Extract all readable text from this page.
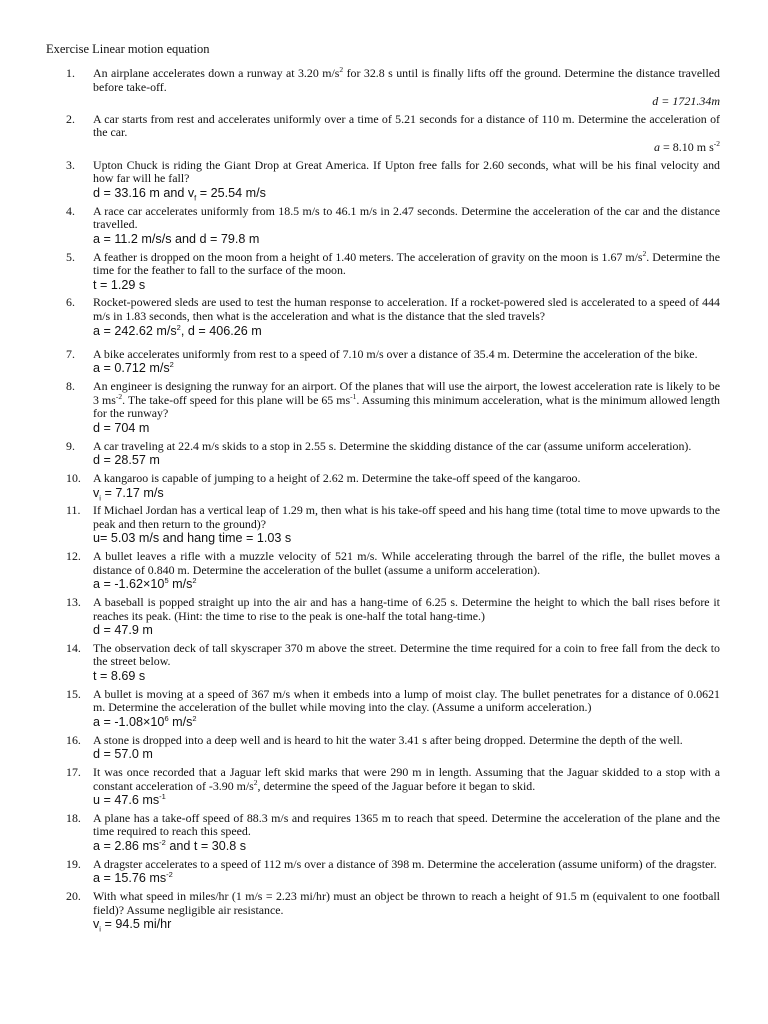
Exercise Linear motion equation
1.	An airplane accelerates down a runway at 3.20 $m/s^2$ for 32.8 s until is finally lifts off the ground. Determine the distance travelled before take-off.
d = 1721.34m
2.	A car starts from rest and accelerates uniformly over a time of 5.21 seconds for a distance of 110 m. Determine the acceleration of the car.
a = 8.10 m $s^{-2}$
3.	Upton Chuck is riding the Giant Drop at Great America. If Upton free falls for 2.60 seconds, what will be his final velocity and how far will he fall?
d = 33.16 m and $v_f = 25.54$ m/s
4.	A race car accelerates uniformly from 18.5 m/s to 46.1 m/s in 2.47 seconds. Determine the acceleration of the car and the distance travelled.
a = 11.2 m/s/s and d = 79.8 m
5.	A feather is dropped on the moon from a height of 1.40 meters. The acceleration of gravity on the moon is 1.67 $m/s^2$. Determine the time for the feather to fall to the surface of the moon.
t = 1.29 s
6.	Rocket-powered sleds are used to test the human response to acceleration. If a rocket-powered sled is accelerated to a speed of 444 m/s in 1.83 seconds, then what is the acceleration and what is the distance that the sled travels?
a = 242.62 $m/s^2$, d = 406.26 m
7.	A bike accelerates uniformly from rest to a speed of 7.10 m/s over a distance of 35.4 m. Determine the acceleration of the bike.
a = 0.712 $m/s^2$
8.	An engineer is designing the runway for an airport. Of the planes that will use the airport, the lowest acceleration rate is likely to be 3 $ms^{-2}$. The take-off speed for this plane will be 65 $ms^{-1}$. Assuming this minimum acceleration, what is the minimum allowed length for the runway?
d = 704 m
9.	A car traveling at 22.4 m/s skids to a stop in 2.55 s. Determine the skidding distance of the car (assume uniform acceleration).
d = 28.57 m
10.	A kangaroo is capable of jumping to a height of 2.62 m. Determine the take-off speed of the kangaroo.
$v_i = 7.17$ m/s
11.	If Michael Jordan has a vertical leap of 1.29 m, then what is his take-off speed and his hang time (total time to move upwards to the peak and then return to the ground)?
u= 5.03 m/s and hang time = 1.03 s
12.	A bullet leaves a rifle with a muzzle velocity of 521 m/s. While accelerating through the barrel of the rifle, the bullet moves a distance of 0.840 m. Determine the acceleration of the bullet (assume a uniform acceleration).
$a = -1.62\times 10^5$ $m/s^2$
13.	A baseball is popped straight up into the air and has a hang-time of 6.25 s. Determine the height to which the ball rises before it reaches its peak. (Hint: the time to rise to the peak is one-half the total hang-time.)
d = 47.9 m
14.	The observation deck of tall skyscraper 370 m above the street. Determine the time required for a coin to free fall from the deck to the street below.
t = 8.69 s
15.	A bullet is moving at a speed of 367 m/s when it embeds into a lump of moist clay. The bullet penetrates for a distance of 0.0621 m. Determine the acceleration of the bullet while moving into the clay. (Assume a uniform acceleration.)
$a = -1.08\times 10^6$ $m/s^2$
16.	A stone is dropped into a deep well and is heard to hit the water 3.41 s after being dropped. Determine the depth of the well.
d = 57.0 m
17.	It was once recorded that a Jaguar left skid marks that were 290 m in length. Assuming that the Jaguar skidded to a stop with a constant acceleration of -3.90 $m/s^2$, determine the speed of the Jaguar before it began to skid.
u = 47.6 $ms^{-1}$
18.	A plane has a take-off speed of 88.3 m/s and requires 1365 m to reach that speed. Determine the acceleration of the plane and the time required to reach this speed.
a = 2.86 $ms^{-2}$ and t = 30.8 s
19.	A dragster accelerates to a speed of 112 m/s over a distance of 398 m. Determine the acceleration (assume uniform) of the dragster.
a = 15.76 $ms^{-2}$
20.	With what speed in miles/hr (1 m/s = 2.23 mi/hr) must an object be thrown to reach a height of 91.5 m (equivalent to one football field)? Assume negligible air resistance.
$v_i = 94.5$ mi/hr
